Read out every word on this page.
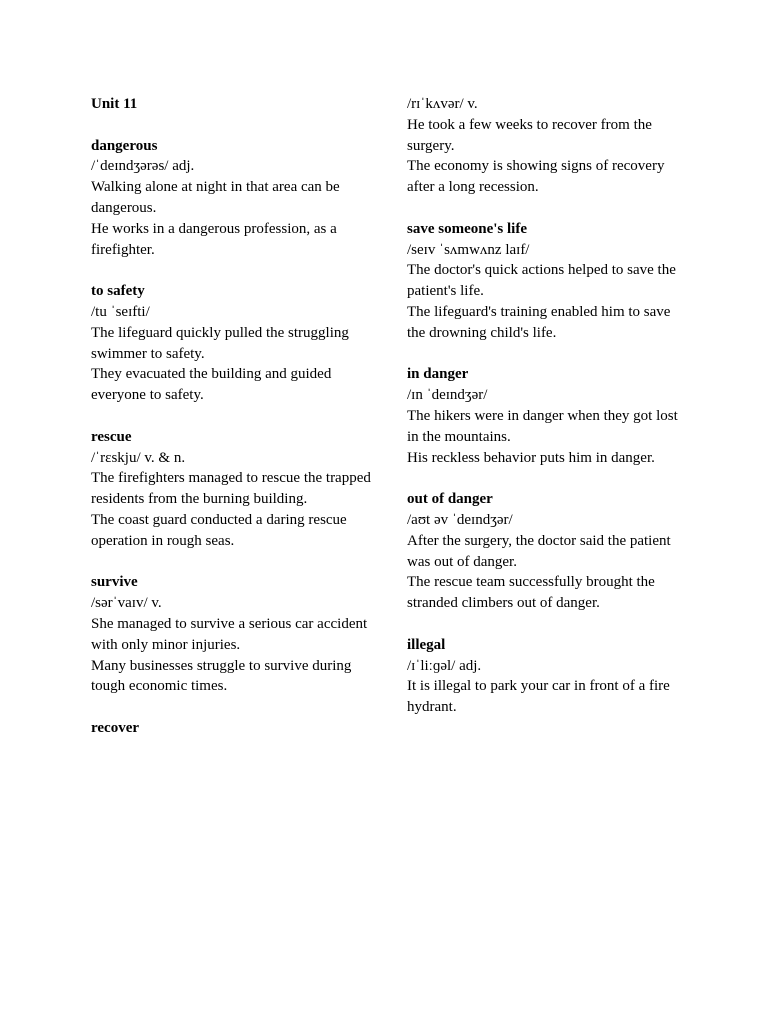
Unit 11
dangerous
/ˈdeɪndʒərəs/ adj.
Walking alone at night in that area can be dangerous.
He works in a dangerous profession, as a firefighter.
to safety
/tu ˈseɪfti/
The lifeguard quickly pulled the struggling swimmer to safety.
They evacuated the building and guided everyone to safety.
rescue
/ˈrɛskju/ v. & n.
The firefighters managed to rescue the trapped residents from the burning building.
The coast guard conducted a daring rescue operation in rough seas.
survive
/sərˈvaɪv/ v.
She managed to survive a serious car accident with only minor injuries.
Many businesses struggle to survive during tough economic times.
recover
/rɪˈkʌvər/ v.
He took a few weeks to recover from the surgery.
The economy is showing signs of recovery after a long recession.
save someone's life
/seɪv ˈsʌmwʌnz laɪf/
The doctor's quick actions helped to save the patient's life.
The lifeguard's training enabled him to save the drowning child's life.
in danger
/ɪn ˈdeɪndʒər/
The hikers were in danger when they got lost in the mountains.
His reckless behavior puts him in danger.
out of danger
/aʊt əv ˈdeɪndʒər/
After the surgery, the doctor said the patient was out of danger.
The rescue team successfully brought the stranded climbers out of danger.
illegal
/ɪˈliːɡəl/ adj.
It is illegal to park your car in front of a fire hydrant.
